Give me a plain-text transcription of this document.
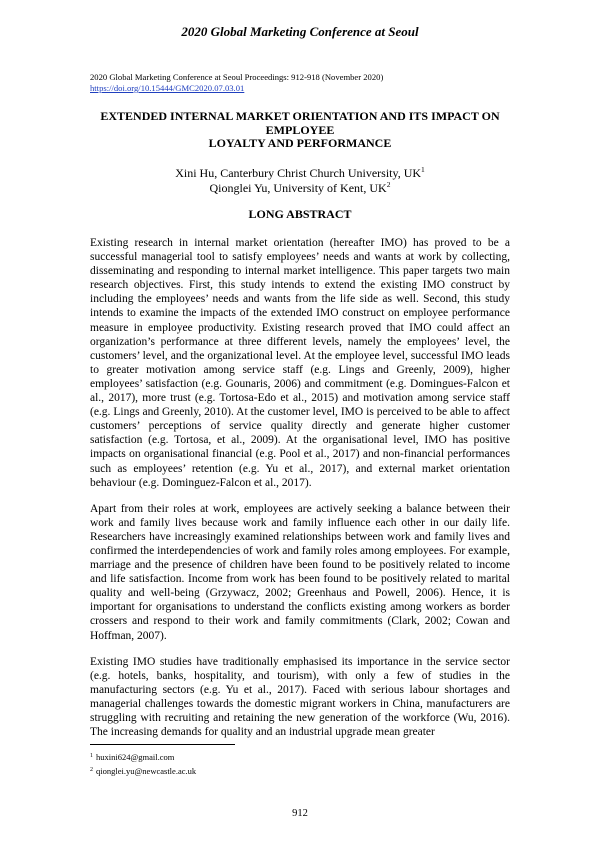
2020 Global Marketing Conference at Seoul
2020 Global Marketing Conference at Seoul Proceedings: 912-918 (November 2020)
https://doi.org/10.15444/GMC2020.07.03.01
EXTENDED INTERNAL MARKET ORIENTATION AND ITS IMPACT ON
EMPLOYEE
LOYALTY AND PERFORMANCE
Xini Hu, Canterbury Christ Church University, $UK^1$
Qionglei Yu, University of Kent, $UK^2$
LONG ABSTRACT

Existing research in internal market orientation (hereafter IMO) has proved to be a successful managerial tool to satisfy employees’ needs and wants at work by collecting, disseminating and responding to internal market intelligence. This paper targets two main research objectives. First, this study intends to extend the existing IMO construct by including the employees’ needs and wants from the life side as well. Second, this study intends to examine the impacts of the extended IMO construct on employee performance measure in employee productivity. Existing research proved that IMO could affect an organization’s performance at three different levels, namely the employees’ level, the customers’ level, and the organizational level. At the employee level, successful IMO leads to greater motivation among service staff (e.g. Lings and Greenly, 2009), higher employees’ satisfaction (e.g. Gounaris, 2006) and commitment (e.g. Domingues-Falcon et al., 2017), more trust (e.g. Tortosa-Edo et al., 2015) and motivation among service staff (e.g. Lings and Greenly, 2010). At the customer level, IMO is perceived to be able to affect customers’ perceptions of service quality directly and generate higher customer satisfaction (e.g. Tortosa, et al., 2009). At the organisational level, IMO has positive impacts on organisational financial (e.g. Pool et al., 2017) and non-financial performances such as employees’ retention (e.g. Yu et al., 2017), and external market orientation behaviour (e.g. Dominguez-Falcon et al., 2017).

Apart from their roles at work, employees are actively seeking a balance between their work and family lives because work and family influence each other in our daily life. Researchers have increasingly examined relationships between work and family lives and confirmed the interdependencies of work and family roles among employees. For example, marriage and the presence of children have been found to be positively related to income and life satisfaction. Income from work has been found to be positively related to marital quality and well-being (Grzywacz, 2002; Greenhaus and Powell, 2006). Hence, it is important for organisations to understand the conflicts existing among workers as border crossers and respond to their work and family commitments (Clark, 2002; Cowan and Hoffman, 2007).

Existing IMO studies have traditionally emphasised its importance in the service sector (e.g. hotels, banks, hospitality, and tourism), with only a few of studies in the manufacturing sectors (e.g. Yu et al., 2017). Faced with serious labour shortages and managerial challenges towards the domestic migrant workers in China, manufacturers are struggling with recruiting and retaining the new generation of the workforce (Wu, 2016). The increasing demands for quality and an industrial upgrade mean greater

$^1$ huxini624@gmail.com
$^2$ qionglei.yu@newcastle.ac.uk
912
